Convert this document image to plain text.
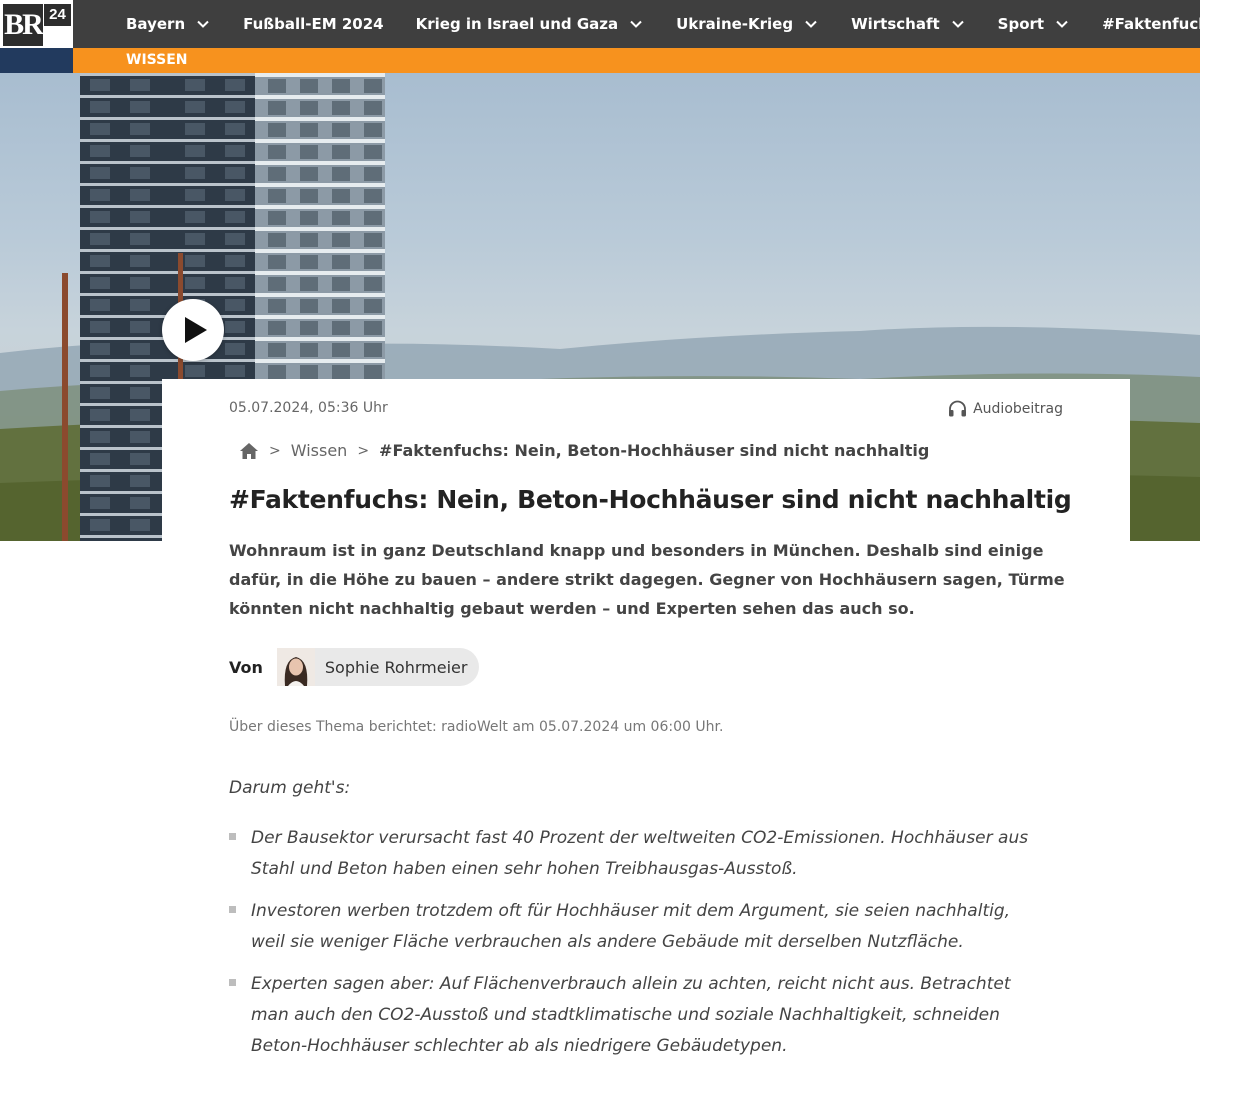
Bayern	Fußball-EM 2024 Krieg in Israel und Gaza	Ukraine-Krieg	Wirtschaft	Sport	#Faktenfuchs
BR 24
WISSEN
05.07.2024, 05:36 Uhr	Audiobeitrag
> Wissen > #Faktenfuchs: Nein, Beton-Hochhäuser sind nicht nachhaltig
#Faktenfuchs: Nein, Beton-Hochhäuser sind nicht nachhaltig

Wohnraum ist in ganz Deutschland knapp und besonders in München. Deshalb sind einige dafür, in die Höhe zu bauen – andere strikt dagegen. Gegner von Hochhäusern sagen, Türme könnten nicht nachhaltig gebaut werden – und Experten sehen das auch so.

Von	Sophie Rohrmeier
Über dieses Thema berichtet: radioWelt am 05.07.2024 um 06:00 Uhr.
Darum geht's:
Der Bausektor verursacht fast 40 Prozent der weltweiten CO2-Emissionen. Hochhäuser aus Stahl und Beton haben einen sehr hohen Treibhausgas-Ausstoß.
Investoren werben trotzdem oft für Hochhäuser mit dem Argument, sie seien nachhaltig, weil sie weniger Fläche verbrauchen als andere Gebäude mit derselben Nutzfläche.
Experten sagen aber: Auf Flächenverbrauch allein zu achten, reicht nicht aus. Betrachtet man auch den CO2-Ausstoß und stadtklimatische und soziale Nachhaltigkeit, schneiden Beton-Hochhäuser schlechter ab als niedrigere Gebäudetypen.
